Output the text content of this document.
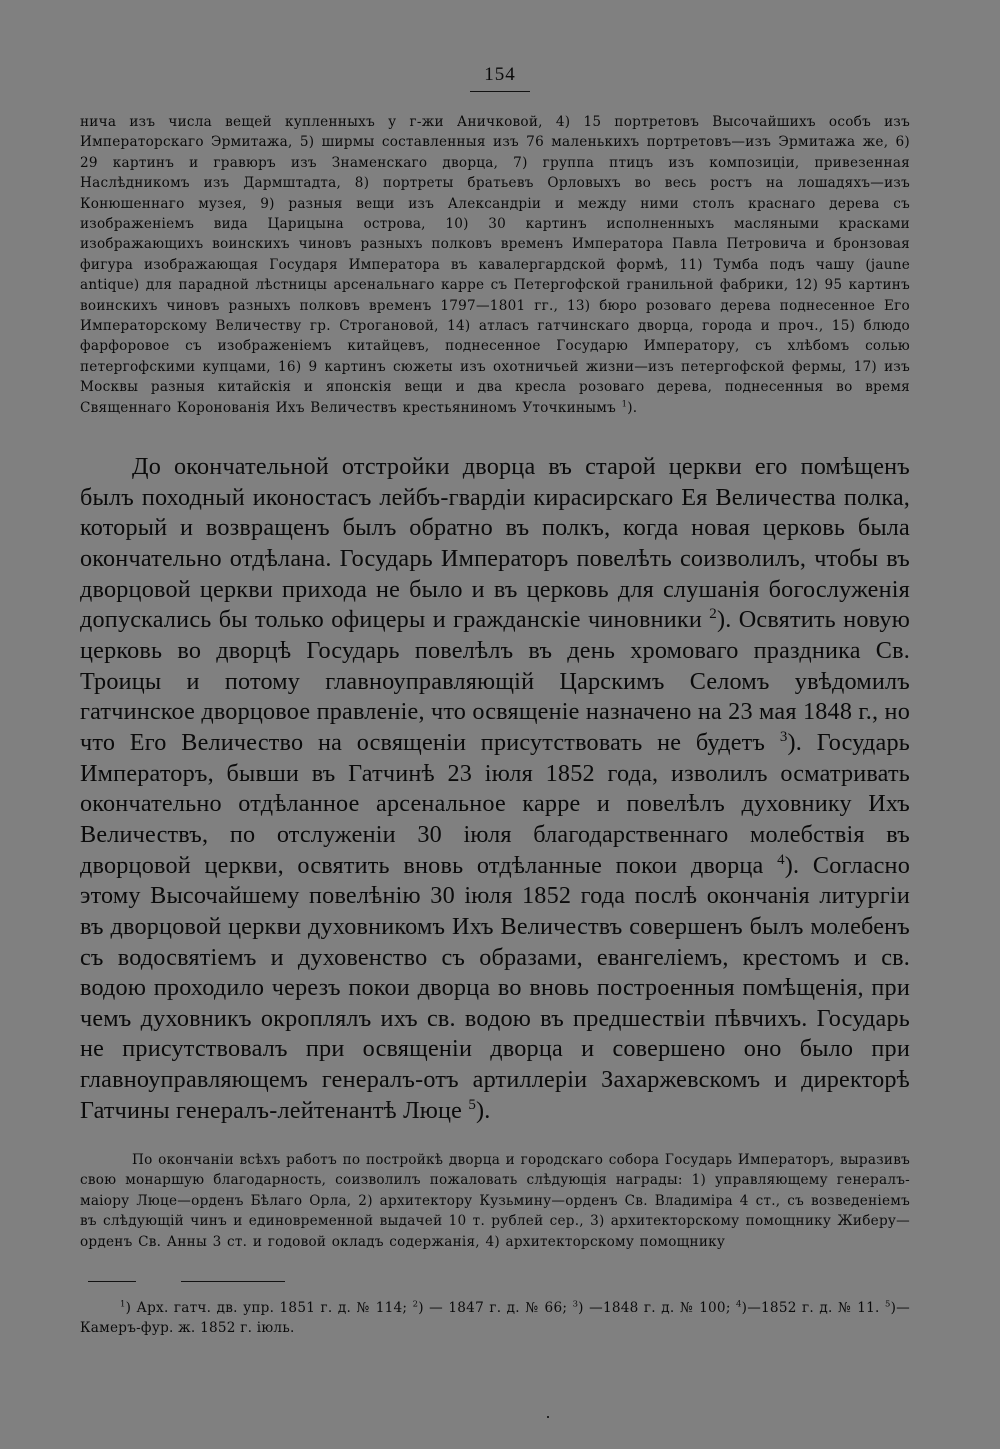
154
нича изъ числа вещей купленныхъ у г-жи Аничковой, 4) 15 портретовъ Высочайшихъ особъ изъ Императорскаго Эрмитажа, 5) ширмы составленныя изъ 76 маленькихъ портретовъ—изъ Эрмитажа же, 6) 29 картинъ и гравюръ изъ Знаменскаго дворца, 7) группа птицъ изъ композиціи, привезенная Наслѣдникомъ изъ Дармштадта, 8) портреты братьевъ Орловыхъ во весь ростъ на лошадяхъ—изъ Конюшеннаго музея, 9) разныя вещи изъ Александріи и между ними столъ краснаго дерева съ изображеніемъ вида Царицына острова, 10) 30 картинъ исполненныхъ масляными красками изображающихъ воинскихъ чиновъ разныхъ полковъ временъ Императора Павла Петровича и бронзовая фигура изображающая Государя Императора въ кавалергардской формѣ, 11) Тумба подъ чашу (jaune antique) для парадной лѣстницы арсенальнаго карре съ Петергофской гранильной фабрики, 12) 95 картинъ воинскихъ чиновъ разныхъ полковъ временъ 1797—1801 гг., 13) бюро розоваго дерева поднесенное Его Императорскому Величеству гр. Строгановой, 14) атласъ гатчинскаго дворца, города и проч., 15) блюдо фарфоровое съ изображеніемъ китайцевъ, поднесенное Государю Императору, съ хлѣбомъ солью петергофскими купцами, 16) 9 картинъ сюжеты изъ охотничьей жизни—изъ петергофской фермы, 17) изъ Москвы разныя китайскія и японскія вещи и два кресла розоваго дерева, поднесенныя во время Священнаго Коронованія Ихъ Величествъ крестьяниномъ Уточкинымъ $^1$).
До окончательной отстройки дворца въ старой церкви его помѣщенъ былъ походный иконостасъ лейбъ-гвардіи кирасирскаго Ея Величества полка, который и возвращенъ былъ обратно въ полкъ, когда новая церковь была окончательно отдѣлана. Государь Императоръ повелѣть соизволилъ, чтобы въ дворцовой церкви прихода не было и въ церковь для слушанія богослуженія допускались бы только офицеры и гражданскіе чиновники $^2$). Освятить новую церковь во дворцѣ Государь повелѣлъ въ день хромоваго праздника Св. Троицы и потому главноуправляющій Царскимъ Селомъ увѣдомилъ гатчинское дворцовое правленіе, что освященіе назначено на 23 мая 1848 г., но что Его Величество на освященіи присутствовать не будетъ $^3$). Государь Императоръ, бывши въ Гатчинѣ 23 іюля 1852 года, изволилъ осматривать окончательно отдѣланное арсенальное карре и повелѣлъ духовнику Ихъ Величествъ, по отслуженіи 30 іюля благодарственнаго молебствія въ дворцовой церкви, освятить вновь отдѣланные покои дворца $^4$). Согласно этому Высочайшему повелѣнію 30 іюля 1852 года послѣ окончанія литургіи въ дворцовой церкви духовникомъ Ихъ Величествъ совершенъ былъ молебенъ съ водосвятіемъ и духовенство съ образами, евангеліемъ, крестомъ и св. водою проходило черезъ покои дворца во вновь построенныя помѣщенія, при чемъ духовникъ окроплялъ ихъ св. водою въ предшествіи пѣвчихъ. Государь не присутствовалъ при освященіи дворца и совершено оно было при главноуправляющемъ генералъ-отъ артиллеріи Захаржевскомъ и директорѣ Гатчины генералъ-лейтенантѣ Люце $^5$).
По окончаніи всѣхъ работъ по постройкѣ дворца и городскаго собора Государь Императоръ, выразивъ свою монаршую благодарность, соизволилъ пожаловать слѣдующія награды: 1) управляющему генералъ-маіору Люце—орденъ Бѣлаго Орла, 2) архитектору Кузьмину—орденъ Св. Владиміра 4 ст., съ возведеніемъ въ слѣдующій чинъ и единовременной выдачей 10 т. рублей сер., 3) архитекторскому помощнику Жиберу—орденъ Св. Анны 3 ст. и годовой окладъ содержанія, 4) архитекторскому помощнику
$^1$) Арх. гатч. дв. упр. 1851 г. д. № 114; $^2$) — 1847 г. д. № 66; $^3$) —1848 г. д. № 100; $^4$)—1852 г. д. № 11. $^5$)—Камеръ-фур. ж. 1852 г. іюль.
